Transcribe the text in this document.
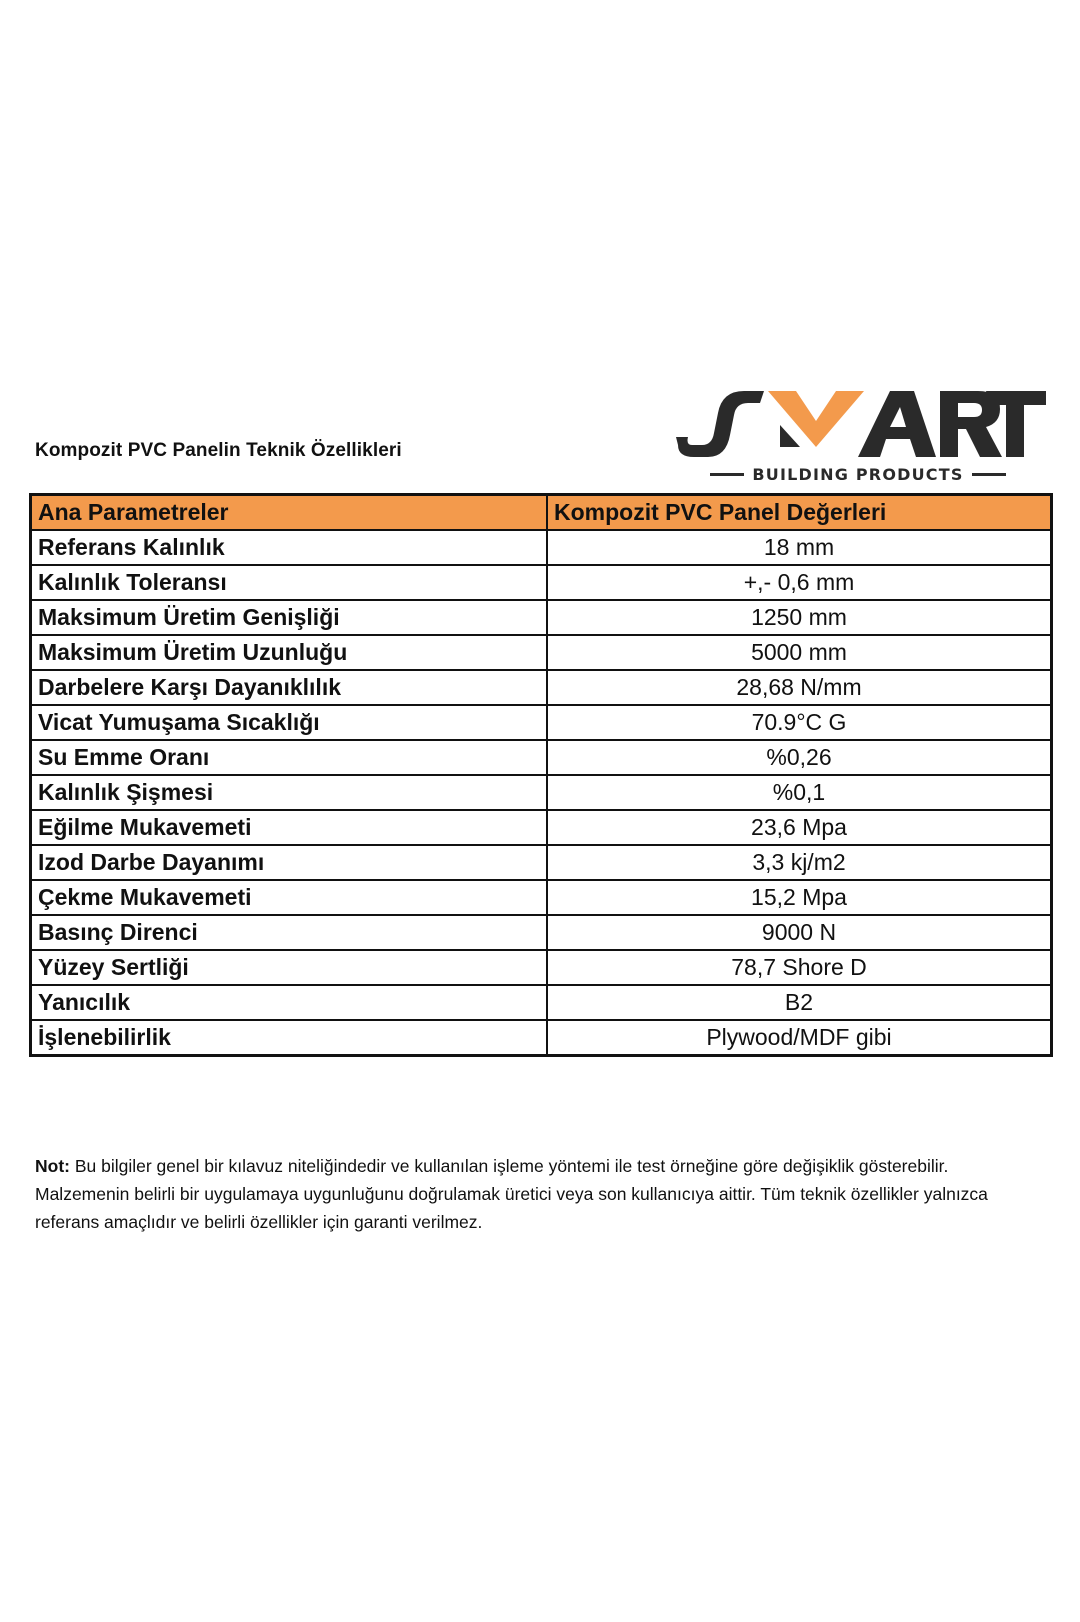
Kompozit PVC Panelin Teknik Özellikleri
BUILDING PRODUCTS
Ana Parametreler	Kompozit PVC Panel Değerleri
Referans Kalınlık	18 mm
Kalınlık Toleransı	+,- 0,6 mm
Maksimum Üretim Genişliği	1250 mm
Maksimum Üretim Uzunluğu	5000 mm
Darbelere Karşı Dayanıklılık	28,68 N/mm
Vicat Yumuşama Sıcaklığı	70.9°C G
Su Emme Oranı	%0,26
Kalınlık Şişmesi	%0,1
Eğilme Mukavemeti	23,6 Mpa
Izod Darbe Dayanımı	3,3 kj/m2
Çekme Mukavemeti	15,2 Mpa
Basınç Direnci	9000 N
Yüzey Sertliği	78,7 Shore D
Yanıcılık	B2
İşlenebilirlik	Plywood/MDF gibi
Not: Bu bilgiler genel bir kılavuz niteliğindedir ve kullanılan işleme yöntemi ile test örneğine göre değişiklik gösterebilir. Malzemenin belirli bir uygulamaya uygunluğunu doğrulamak üretici veya son kullanıcıya aittir. Tüm teknik özellikler yalnızca referans amaçlıdır ve belirli özellikler için garanti verilmez.
